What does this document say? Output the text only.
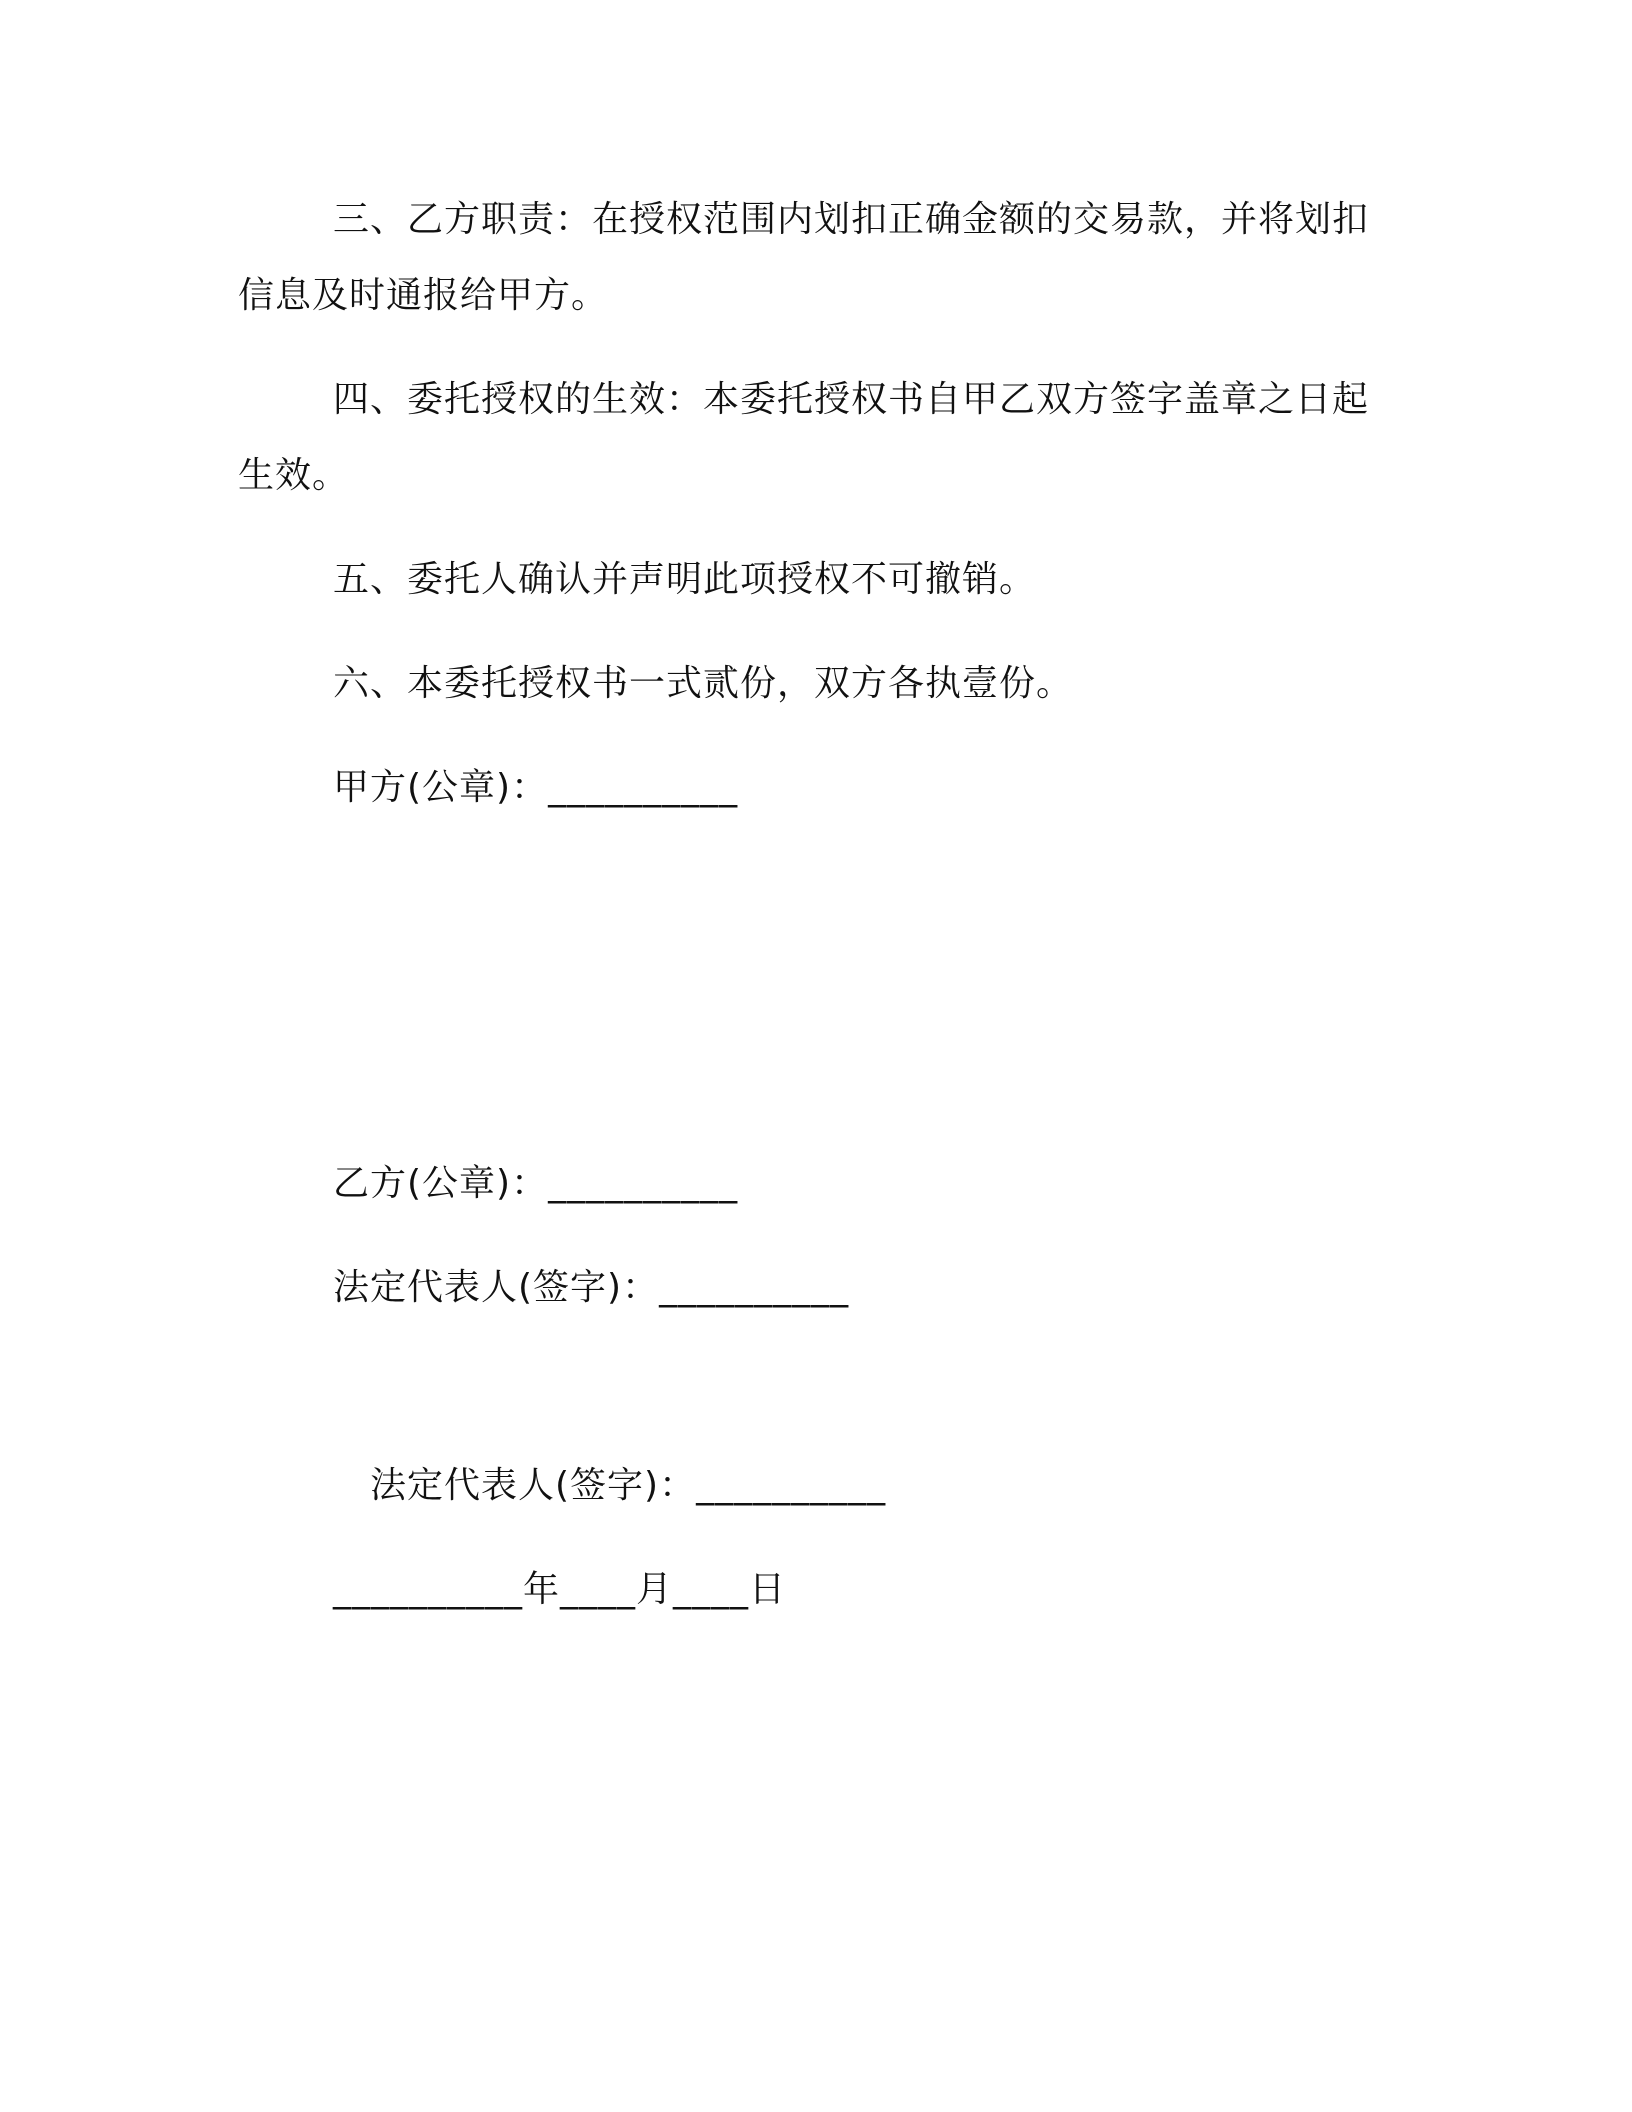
三、乙方职责：在授权范围内划扣正确金额的交易款，并将划扣
信息及时通报给甲方。
四、委托授权的生效：本委托授权书自甲乙双方签字盖章之日起
生效。
五、委托人确认并声明此项授权不可撤销。
六、本委托授权书一式贰份，双方各执壹份。
甲方(公章)：__________
乙方(公章)：__________
法定代表人(签字)：__________
法定代表人(签字)：__________
__________年____月____日
